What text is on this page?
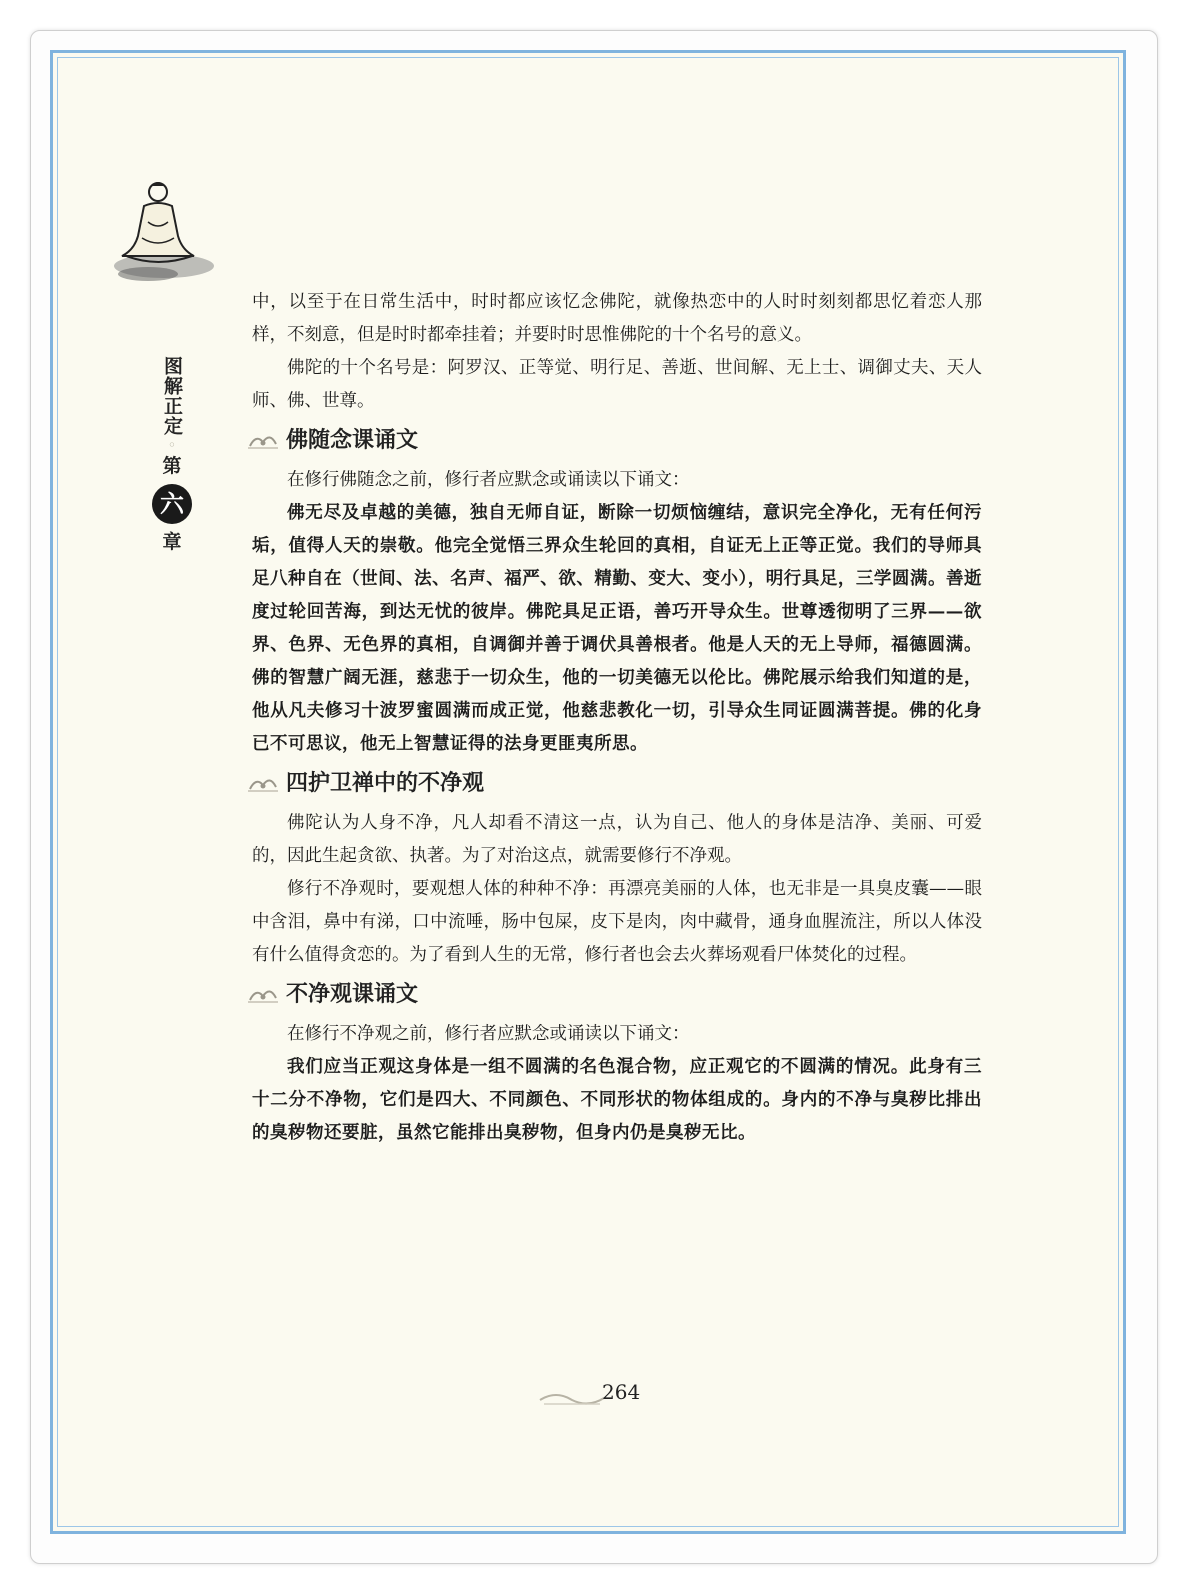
图解正定
◦
第
六
章

中，以至于在日常生活中，时时都应该忆念佛陀，就像热恋中的人时时刻刻都思忆着恋人那样，不刻意，但是时时都牵挂着；并要时时思惟佛陀的十个名号的意义。

佛陀的十个名号是：阿罗汉、正等觉、明行足、善逝、世间解、无上士、调御丈夫、天人师、佛、世尊。

佛随念课诵文

在修行佛随念之前，修行者应默念或诵读以下诵文：

佛无尽及卓越的美德，独自无师自证，断除一切烦恼缠结，意识完全净化，无有任何污垢，值得人天的崇敬。他完全觉悟三界众生轮回的真相，自证无上正等正觉。我们的导师具足八种自在（世间、法、名声、福严、欲、精勤、变大、变小），明行具足，三学圆满。善逝度过轮回苦海，到达无忧的彼岸。佛陀具足正语，善巧开导众生。世尊透彻明了三界——欲界、色界、无色界的真相，自调御并善于调伏具善根者。他是人天的无上导师，福德圆满。佛的智慧广阔无涯，慈悲于一切众生，他的一切美德无以伦比。佛陀展示给我们知道的是，他从凡夫修习十波罗蜜圆满而成正觉，他慈悲教化一切，引导众生同证圆满菩提。佛的化身已不可思议，他无上智慧证得的法身更匪夷所思。

四护卫禅中的不净观

佛陀认为人身不净，凡人却看不清这一点，认为自己、他人的身体是洁净、美丽、可爱的，因此生起贪欲、执著。为了对治这点，就需要修行不净观。

修行不净观时，要观想人体的种种不净：再漂亮美丽的人体，也无非是一具臭皮囊——眼中含泪，鼻中有涕，口中流唾，肠中包屎，皮下是肉，肉中藏骨，通身血腥流注，所以人体没有什么值得贪恋的。为了看到人生的无常，修行者也会去火葬场观看尸体焚化的过程。

不净观课诵文

在修行不净观之前，修行者应默念或诵读以下诵文：

我们应当正观这身体是一组不圆满的名色混合物，应正观它的不圆满的情况。此身有三十二分不净物，它们是四大、不同颜色、不同形状的物体组成的。身内的不净与臭秽比排出的臭秽物还要脏，虽然它能排出臭秽物，但身内仍是臭秽无比。

264
